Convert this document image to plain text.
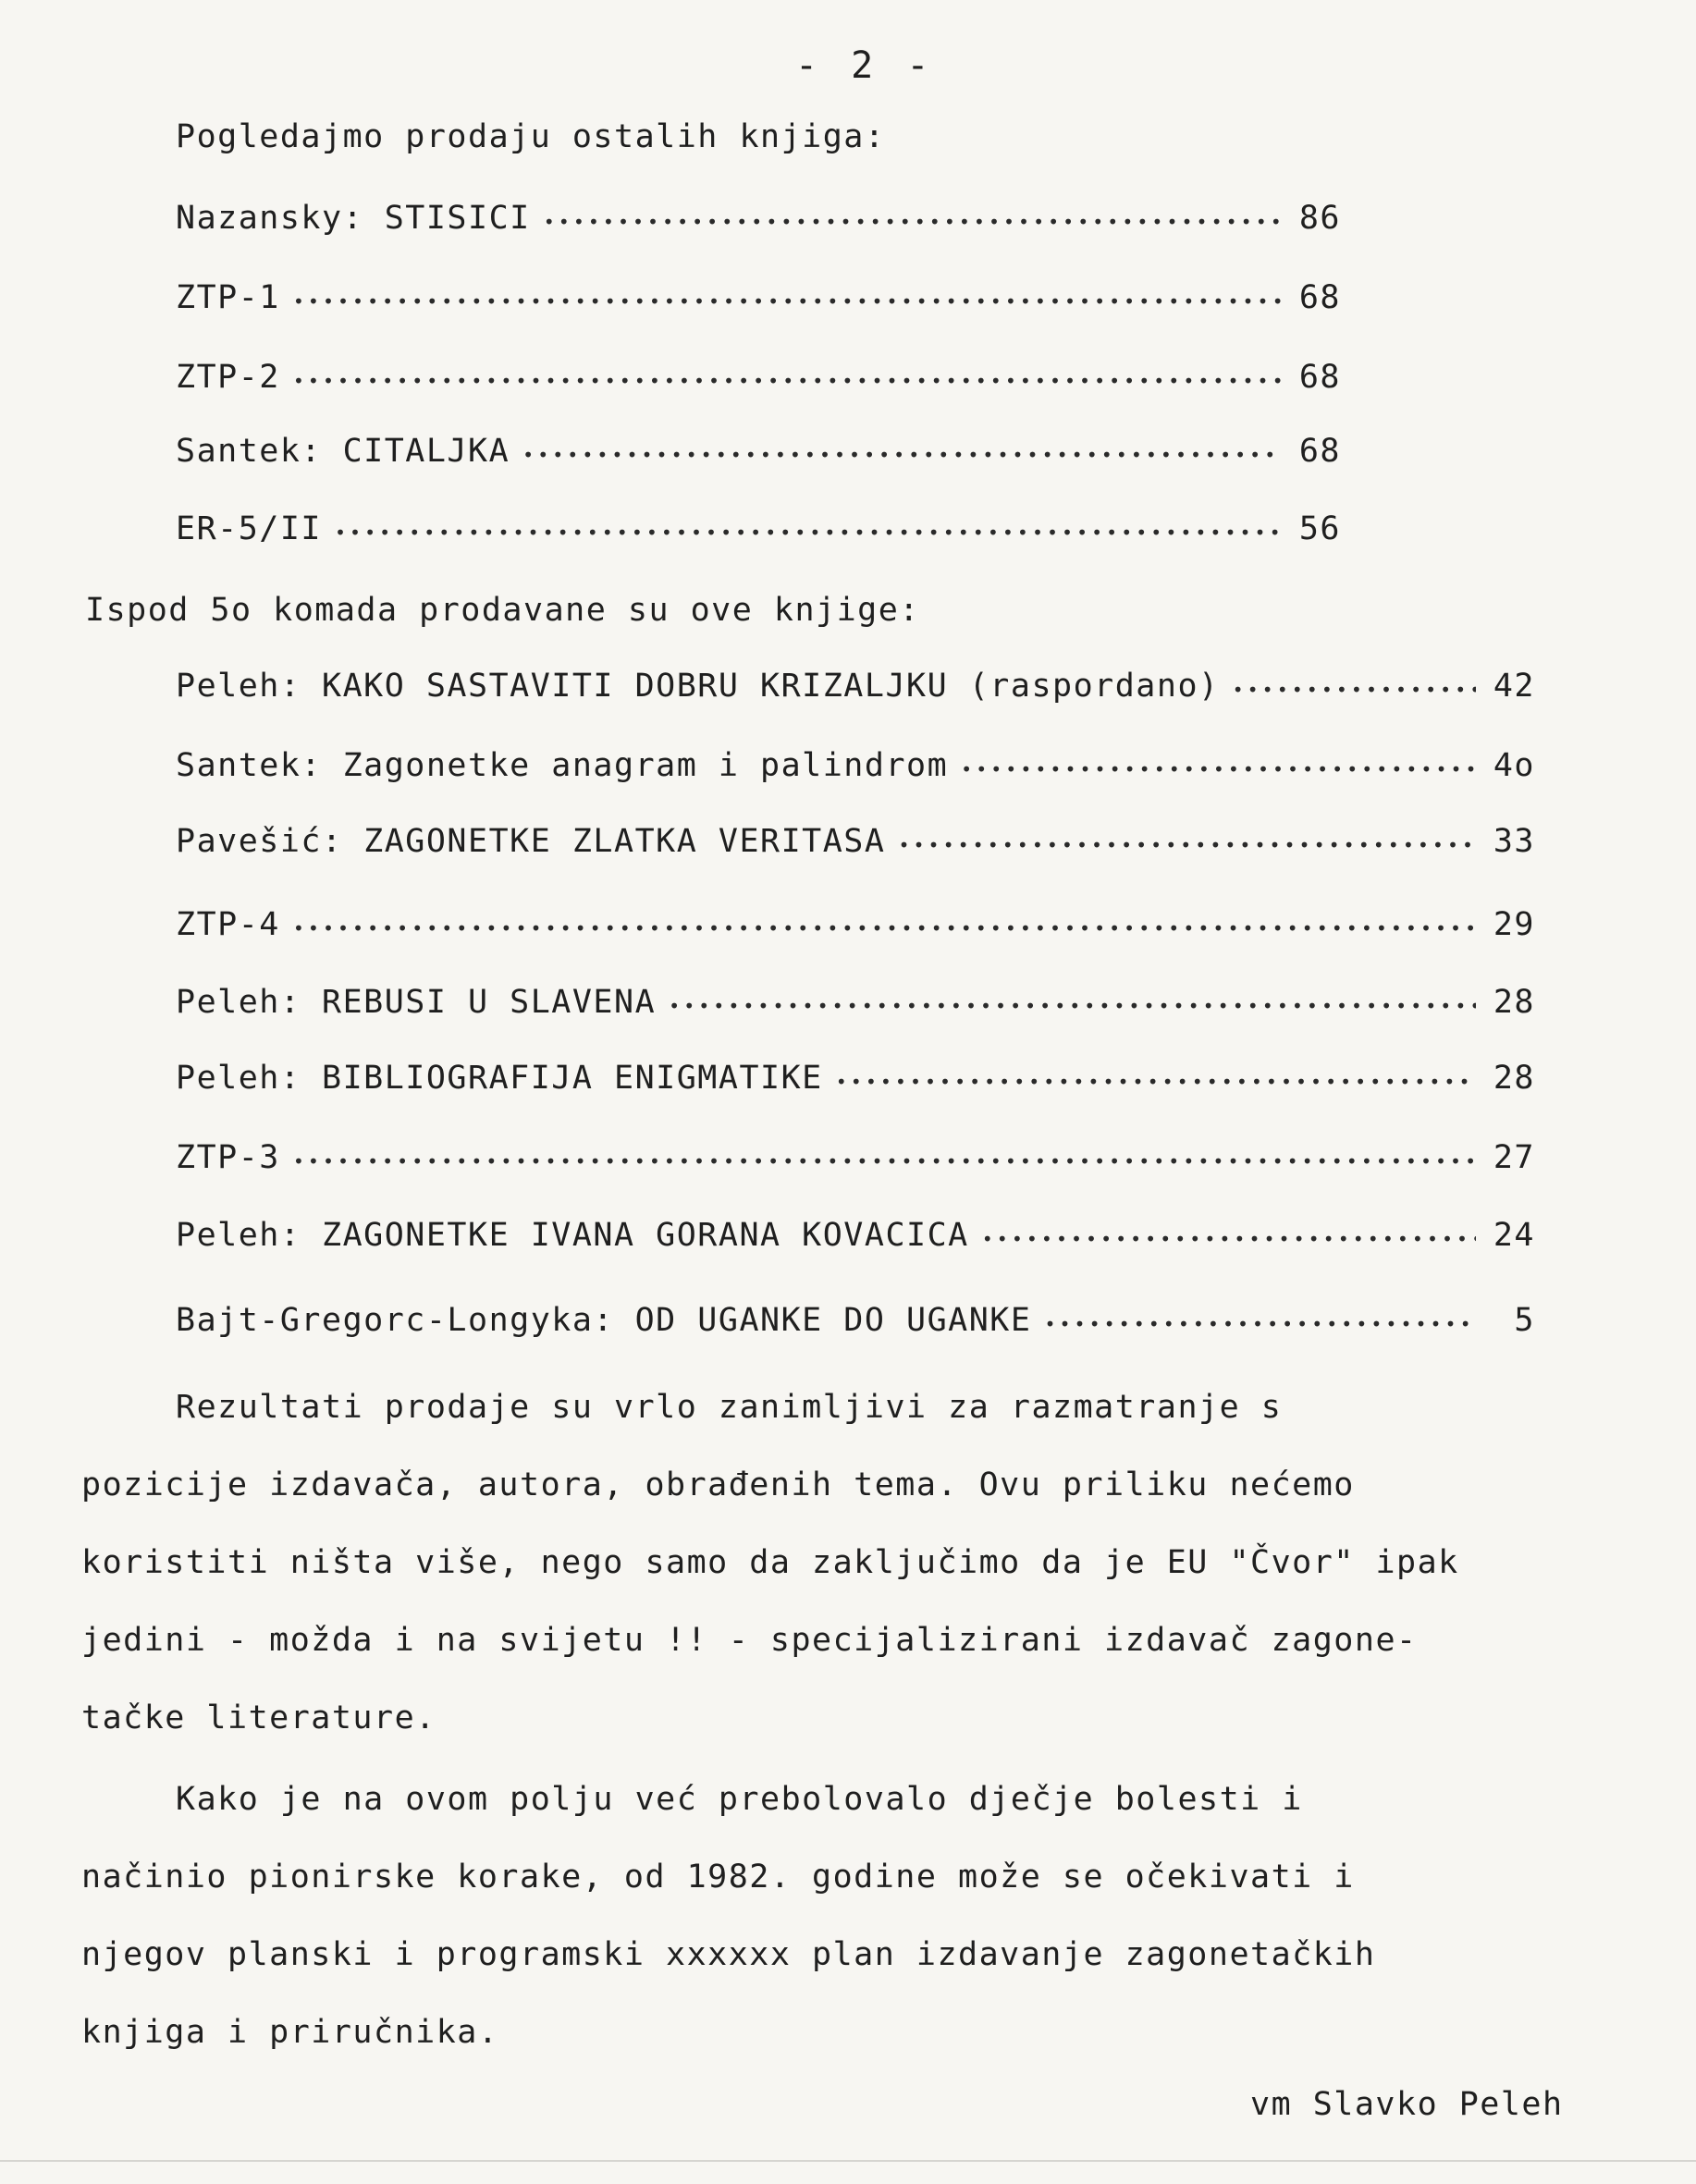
- 2 -
Pogledajmo prodaju ostalih knjiga:
Nazansky: STISICI •••••	86
ZTP-1 •••••	68
ZTP-2 •••••	68
Santek: CITALJKA •••••	68
ER-5/II •••••	56
Ispod 5o komada prodavane su ove knjige:
Peleh: KAKO SASTAVITI DOBRU KRIZALJKU (raspordano) •••••	42
Santek: Zagonetke anagram i palindrom •••••	4o
Pavešić: ZAGONETKE ZLATKA VERITASA •••••	33
ZTP-4 •••••	29
Peleh: REBUSI U SLAVENA •••••	28
Peleh: BIBLIOGRAFIJA ENIGMATIKE •••••	28
ZTP-3 •••••	27
Peleh: ZAGONETKE IVANA GORANA KOVACICA •••••	24
Bajt-Gregorc-Longyka: OD UGANKE DO UGANKE •••••	5
Rezultati prodaje su vrlo zanimljivi za razmatranje s
pozicije izdavača, autora, obrađenih tema. Ovu priliku nećemo
koristiti ništa više, nego samo da zaključimo da je EU "Čvor" ipak
jedini - možda i na svijetu !! - specijalizirani izdavač zagone-
tačke literature.
Kako je na ovom polju već prebolovalo dječje bolesti i
načinio pionirske korake, od 1982. godine može se očekivati i
njegov planski i programski xxxxxx plan izdavanje zagonetačkih
knjiga i priručnika.
vm Slavko Peleh
